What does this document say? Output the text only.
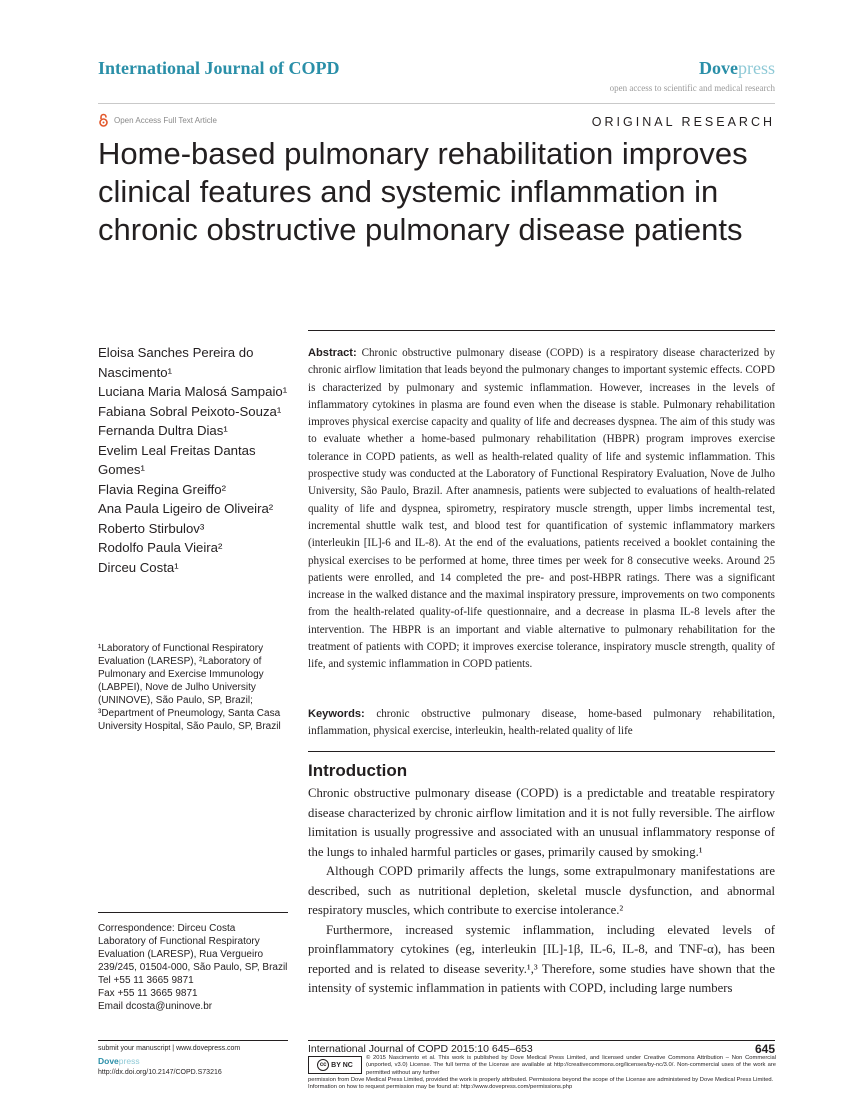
International Journal of COPD	Dovepress
open access to scientific and medical research
Open Access Full Text Article	ORIGINAL RESEARCH
Home-based pulmonary rehabilitation improves clinical features and systemic inflammation in chronic obstructive pulmonary disease patients
Eloisa Sanches Pereira do Nascimento¹
Luciana Maria Malosá Sampaio¹
Fabiana Sobral Peixoto-Souza¹
Fernanda Dultra Dias¹
Evelim Leal Freitas Dantas Gomes¹
Flavia Regina Greiffo²
Ana Paula Ligeiro de Oliveira²
Roberto Stirbulov³
Rodolfo Paula Vieira²
Dirceu Costa¹
¹Laboratory of Functional Respiratory Evaluation (LARESP), ²Laboratory of Pulmonary and Exercise Immunology (LABPEI), Nove de Julho University (UNINOVE), São Paulo, SP, Brazil; ³Department of Pneumology, Santa Casa University Hospital, São Paulo, SP, Brazil
Correspondence: Dirceu Costa
Laboratory of Functional Respiratory
Evaluation (LARESP), Rua Vergueiro
239/245, 01504-000, São Paulo, SP, Brazil
Tel +55 11 3665 9871
Fax +55 11 3665 9871
Email dcosta@uninove.br
Abstract: Chronic obstructive pulmonary disease (COPD) is a respiratory disease characterized by chronic airflow limitation that leads beyond the pulmonary changes to important systemic effects. COPD is characterized by pulmonary and systemic inflammation. However, increases in the levels of inflammatory cytokines in plasma are found even when the disease is stable. Pulmonary rehabilitation improves physical exercise capacity and quality of life and decreases dyspnea. The aim of this study was to evaluate whether a home-based pulmonary rehabilitation (HBPR) program improves exercise tolerance in COPD patients, as well as health-related quality of life and systemic inflammation. This prospective study was conducted at the Laboratory of Functional Respiratory Evaluation, Nove de Julho University, São Paulo, Brazil. After anamnesis, patients were subjected to evaluations of health-related quality of life and dyspnea, spirometry, respiratory muscle strength, upper limbs incremental test, incremental shuttle walk test, and blood test for quantification of systemic inflammatory markers (interleukin [IL]-6 and IL-8). At the end of the evaluations, patients received a booklet containing the physical exercises to be performed at home, three times per week for 8 consecutive weeks. Around 25 patients were enrolled, and 14 completed the pre- and post-HBPR ratings. There was a significant increase in the walked distance and the maximal inspiratory pressure, improvements on two components from the health-related quality-of-life questionnaire, and a decrease in plasma IL-8 levels after the intervention. The HBPR is an important and viable alternative to pulmonary rehabilitation for the treatment of patients with COPD; it improves exercise tolerance, inspiratory muscle strength, quality of life, and systemic inflammation in COPD patients.
Keywords: chronic obstructive pulmonary disease, home-based pulmonary rehabilitation, inflammation, physical exercise, interleukin, health-related quality of life
Introduction

Chronic obstructive pulmonary disease (COPD) is a predictable and treatable respiratory disease characterized by chronic airflow limitation and it is not fully reversible. The airflow limitation is usually progressive and associated with an unusual inflammatory response of the lungs to inhaled harmful particles or gases, primarily caused by smoking.¹

Although COPD primarily affects the lungs, some extrapulmonary manifestations are described, such as nutritional depletion, skeletal muscle dysfunction, and abnormal respiratory muscles, which contribute to exercise intolerance.²

Furthermore, increased systemic inflammation, including elevated levels of proinflammatory cytokines (eg, interleukin [IL]-1β, IL-6, IL-8, and TNF-α), has been reported and is related to disease severity.¹,³ Therefore, some studies have shown that the intensity of systemic inflammation in patients with COPD, including large numbers

submit your manuscript | www.dovepress.com
Dovepress
http://dx.doi.org/10.2147/COPD.S73216
International Journal of COPD 2015:10 645–653	645
cc BY NC
© 2015 Nascimento et al. This work is published by Dove Medical Press Limited, and licensed under Creative Commons Attribution – Non Commercial (unported, v3.0) License. The full terms of the License are available at http://creativecommons.org/licenses/by-nc/3.0/. Non-commercial uses of the work are permitted without any further
permission from Dove Medical Press Limited, provided the work is properly attributed. Permissions beyond the scope of the License are administered by Dove Medical Press Limited. Information on how to request permission may be found at: http://www.dovepress.com/permissions.php
